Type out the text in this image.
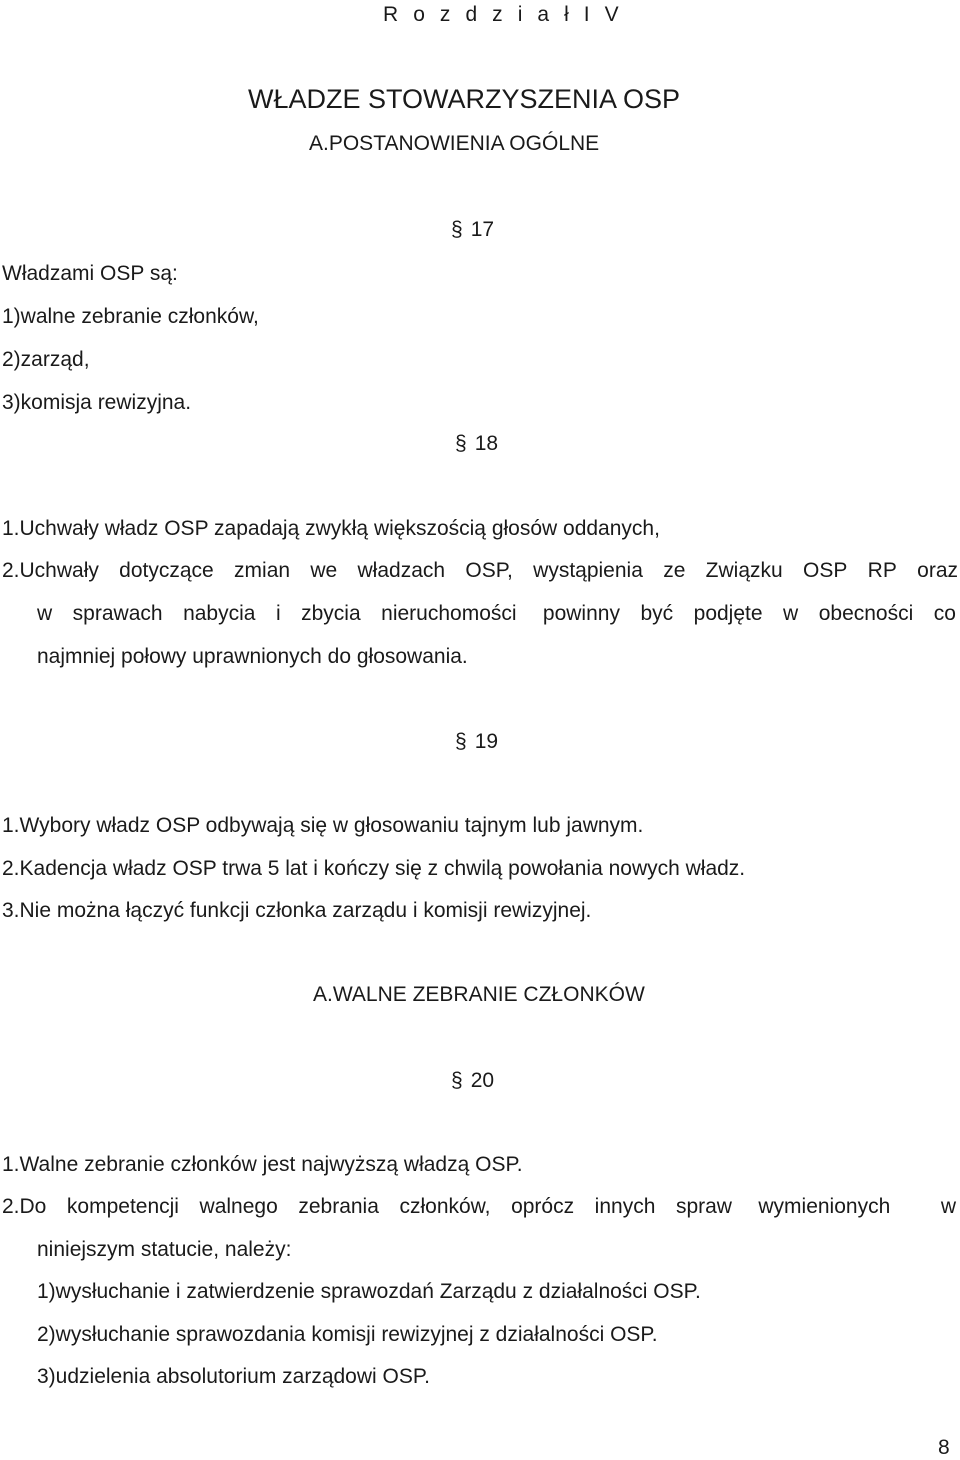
R o z d z i a ł I V
WŁADZE STOWARZYSZENIA OSP
A.POSTANOWIENIA OGÓLNE
§ 17
Władzami OSP są:
1)walne zebranie członków,
2)zarząd,
3)komisja rewizyjna.
§ 18
1.Uchwały władz OSP zapadają zwykłą większością głosów oddanych,
2.Uchwały dotyczące zmian we władzach OSP, wystąpienia ze Związku OSP RP oraz
w sprawach nabycia i zbycia nieruchomości powinny być podjęte w obecności co
najmniej połowy uprawnionych do głosowania.
§ 19
1.Wybory władz OSP odbywają się w głosowaniu tajnym lub jawnym.
2.Kadencja władz OSP trwa 5 lat i kończy się z chwilą powołania nowych władz.
3.Nie można łączyć funkcji członka zarządu i komisji rewizyjnej.
A.WALNE ZEBRANIE CZŁONKÓW
§ 20
1.Walne zebranie członków jest najwyższą władzą OSP.
2.Do kompetencji walnego zebrania członków, oprócz innych spraw wymienionych w
niniejszym statucie, należy:
1)wysłuchanie i zatwierdzenie sprawozdań Zarządu z działalności OSP.
2)wysłuchanie sprawozdania komisji rewizyjnej z działalności OSP.
3)udzielenia absolutorium zarządowi OSP.
8
